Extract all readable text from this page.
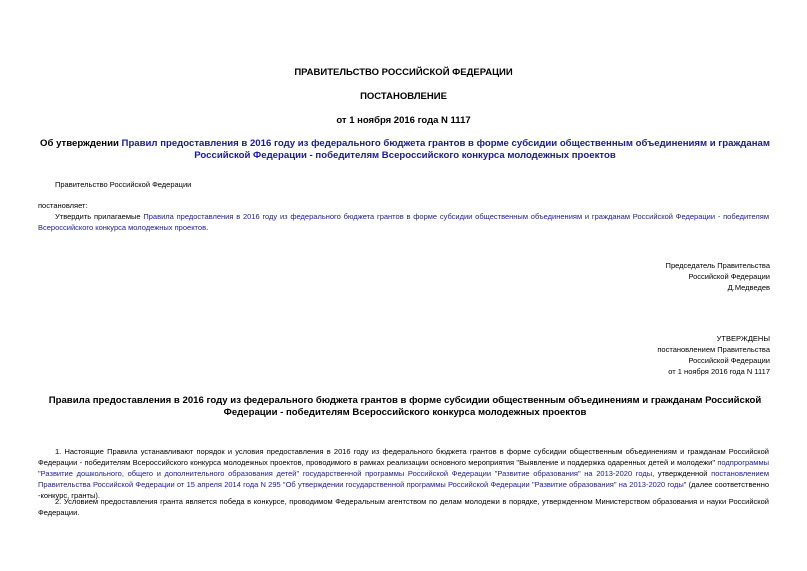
ПРАВИТЕЛЬСТВО РОССИЙСКОЙ ФЕДЕРАЦИИ
ПОСТАНОВЛЕНИЕ
от 1 ноября 2016 года N 1117
Об утверждении Правил предоставления в 2016 году из федерального бюджета грантов в форме субсидии общественным объединениям и гражданам Российской Федерации - победителям Всероссийского конкурса молодежных проектов
Правительство Российской Федерации
постановляет:
Утвердить прилагаемые Правила предоставления в 2016 году из федерального бюджета грантов в форме субсидии общественным объединениям и гражданам Российской Федерации - победителям Всероссийского конкурса молодежных проектов.
Председатель Правительства
Российской Федерации
Д.Медведев
УТВЕРЖДЕНЫ
постановлением Правительства
Российской Федерации
от 1 ноября 2016 года N 1117
Правила предоставления в 2016 году из федерального бюджета грантов в форме субсидии общественным объединениям и гражданам Российской Федерации - победителям Всероссийского конкурса молодежных проектов
1. Настоящие Правила устанавливают порядок и условия предоставления в 2016 году из федерального бюджета грантов в форме субсидии общественным объединениям и гражданам Российской Федерации - победителям Всероссийского конкурса молодежных проектов, проводимого в рамках реализации основного мероприятия "Выявление и поддержка одаренных детей и молодежи" подпрограммы "Развитие дошкольного, общего и дополнительного образования детей" государственной программы Российской Федерации "Развитие образования" на 2013-2020 годы, утвержденной постановлением Правительства Российской Федерации от 15 апреля 2014 года N 295 "Об утверждении государственной программы Российской Федерации "Развитие образования" на 2013-2020 годы" (далее соответственно -конкурс, гранты).
2. Условием предоставления гранта является победа в конкурсе, проводимом Федеральным агентством по делам молодежи в порядке, утвержденном Министерством образования и науки Российской Федерации.
